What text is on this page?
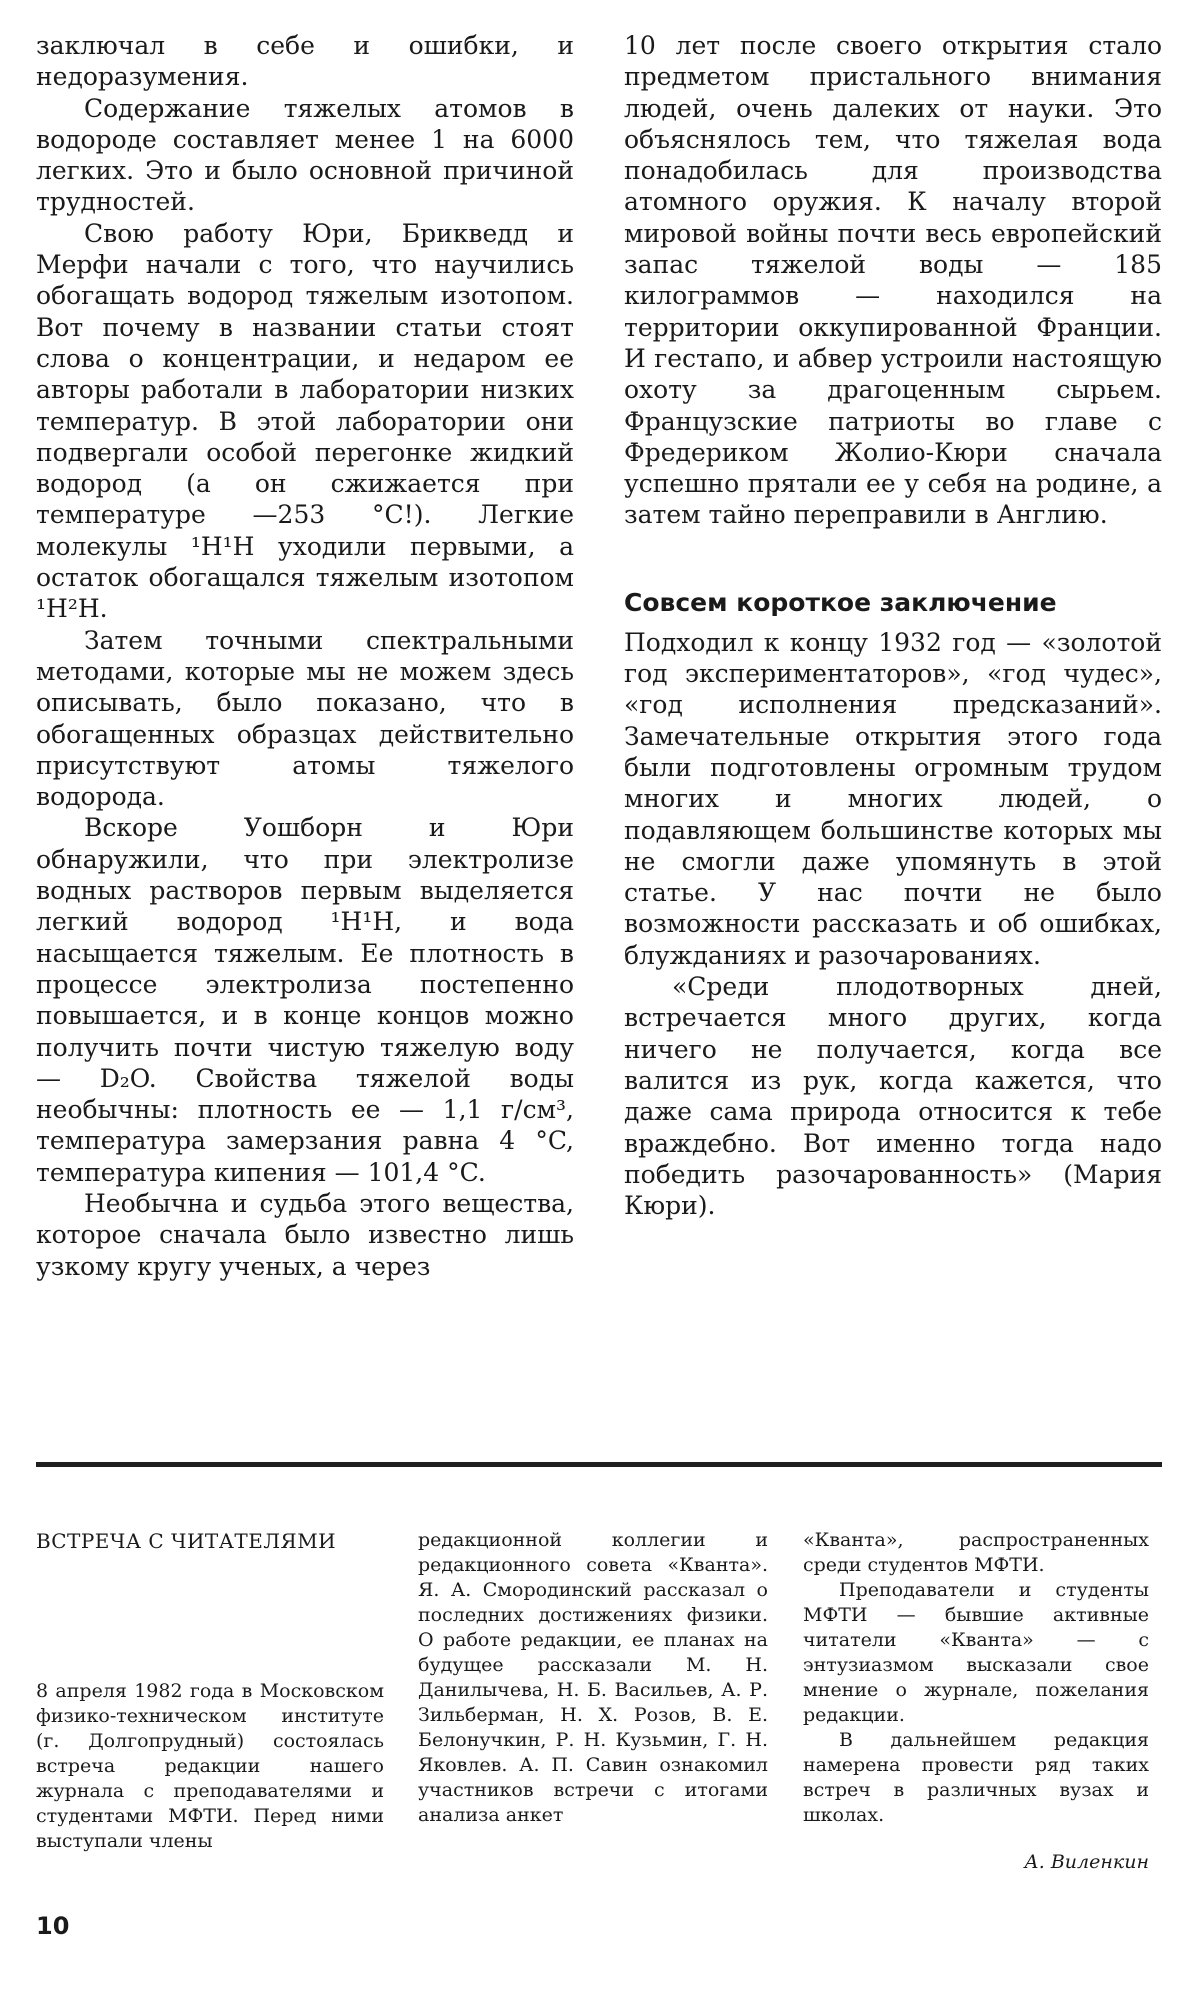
заключал в себе и ошибки, и недоразумения.

Содержание тяжелых атомов в водороде составляет менее 1 на 6000 легких. Это и было основной причиной трудностей.

Свою работу Юри, Брикведд и Мерфи начали с того, что научились обогащать водород тяжелым изотопом. Вот почему в названии статьи стоят слова о концентрации, и недаром ее авторы работали в лаборатории низких температур. В этой лаборатории они подвергали особой перегонке жидкий водород (а он сжижается при температуре —253 °C!). Легкие молекулы ¹H¹H уходили первыми, а остаток обогащался тяжелым изотопом ¹H²H.

Затем точными спектральными методами, которые мы не можем здесь описывать, было показано, что в обогащенных образцах действительно присутствуют атомы тяжелого водорода.

Вскоре Уошборн и Юри обнаружили, что при электролизе водных растворов первым выделяется легкий водород ¹H¹H, и вода насыщается тяжелым. Ее плотность в процессе электролиза постепенно повышается, и в конце концов можно получить почти чистую тяжелую воду — D₂O. Свойства тяжелой воды необычны: плотность ее — 1,1 г/см³, температура замерзания равна 4 °C, температура кипения — 101,4 °C.

Необычна и судьба этого вещества, которое сначала было известно лишь узкому кругу ученых, а через

10 лет после своего открытия стало предметом пристального внимания людей, очень далеких от науки. Это объяснялось тем, что тяжелая вода понадобилась для производства атомного оружия. К началу второй мировой войны почти весь европейский запас тяжелой воды — 185 килограммов — находился на территории оккупированной Франции. И гестапо, и абвер устроили настоящую охоту за драгоценным сырьем. Французские патриоты во главе с Фредериком Жолио-Кюри сначала успешно прятали ее у себя на родине, а затем тайно переправили в Англию.

Совсем короткое заключение

Подходил к концу 1932 год — «золотой год экспериментаторов», «год чудес», «год исполнения предсказаний». Замечательные открытия этого года были подготовлены огромным трудом многих и многих людей, о подавляющем большинстве которых мы не смогли даже упомянуть в этой статье. У нас почти не было возможности рассказать и об ошибках, блужданиях и разочарованиях.

«Среди плодотворных дней, встречается много других, когда ничего не получается, когда все валится из рук, когда кажется, что даже сама природа относится к тебе враждебно. Вот именно тогда надо победить разочарованность» (Мария Кюри).

ВСТРЕЧА С ЧИТАТЕЛЯМИ

8 апреля 1982 года в Московском физико-техническом институте (г. Долгопрудный) состоялась встреча редакции нашего журнала с преподавателями и студентами МФТИ. Перед ними выступали члены

редакционной коллегии и редакционного совета «Кванта». Я. А. Смородинский рассказал о последних достижениях физики. О работе редакции, ее планах на будущее рассказали М. Н. Данилычева, Н. Б. Васильев, А. Р. Зильберман, Н. Х. Розов, В. Е. Белонучкин, Р. Н. Кузьмин, Г. Н. Яковлев. А. П. Савин ознакомил участников встречи с итогами анализа анкет

«Кванта», распространенных среди студентов МФТИ.

Преподаватели и студенты МФТИ — бывшие активные читатели «Кванта» — с энтузиазмом высказали свое мнение о журнале, пожелания редакции.

В дальнейшем редакция намерена провести ряд таких встреч в различных вузах и школах.

А. Виленкин
10
